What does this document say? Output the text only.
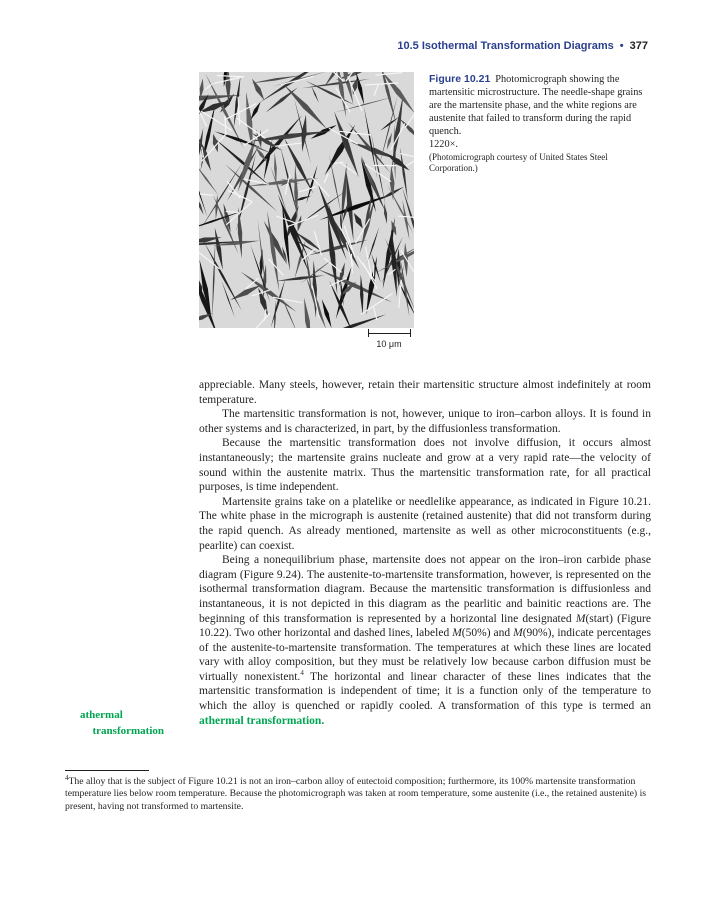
10.5 Isothermal Transformation Diagrams • 377
10 μm
Figure 10.21 Photomicrograph showing the martensitic microstructure. The needle-shape grains are the martensite phase, and the white regions are austenite that failed to transform during the rapid quench.
1220×.
(Photomicrograph courtesy of United States Steel Corporation.)

appreciable. Many steels, however, retain their martensitic structure almost indefinitely at room temperature.

The martensitic transformation is not, however, unique to iron–carbon alloys. It is found in other systems and is characterized, in part, by the diffusionless transformation.

Because the martensitic transformation does not involve diffusion, it occurs almost instantaneously; the martensite grains nucleate and grow at a very rapid rate—the velocity of sound within the austenite matrix. Thus the martensitic transformation rate, for all practical purposes, is time independent.

Martensite grains take on a platelike or needlelike appearance, as indicated in Figure 10.21. The white phase in the micrograph is austenite (retained austenite) that did not transform during the rapid quench. As already mentioned, martensite as well as other microconstituents (e.g., pearlite) can coexist.

Being a nonequilibrium phase, martensite does not appear on the iron–iron carbide phase diagram (Figure 9.24). The austenite-to-martensite transformation, however, is represented on the isothermal transformation diagram. Because the martensitic transformation is diffusionless and instantaneous, it is not depicted in this diagram as the pearlitic and bainitic reactions are. The beginning of this transformation is represented by a horizontal line designated M(start) (Figure 10.22). Two other horizontal and dashed lines, labeled M(50%) and M(90%), indicate percentages of the austenite-to-martensite transformation. The temperatures at which these lines are located vary with alloy composition, but they must be relatively low because carbon diffusion must be virtually nonexistent.$^4$ The horizontal and linear character of these lines indicates that the martensitic transformation is independent of time; it is a function only of the temperature to which the alloy is quenched or rapidly cooled. A transformation of this type is termed an athermal transformation.

athermal
transformation
$^4$The alloy that is the subject of Figure 10.21 is not an iron–carbon alloy of eutectoid composition; furthermore, its 100% martensite transformation temperature lies below room temperature. Because the photomicrograph was taken at room temperature, some austenite (i.e., the retained austenite) is present, having not transformed to martensite.
